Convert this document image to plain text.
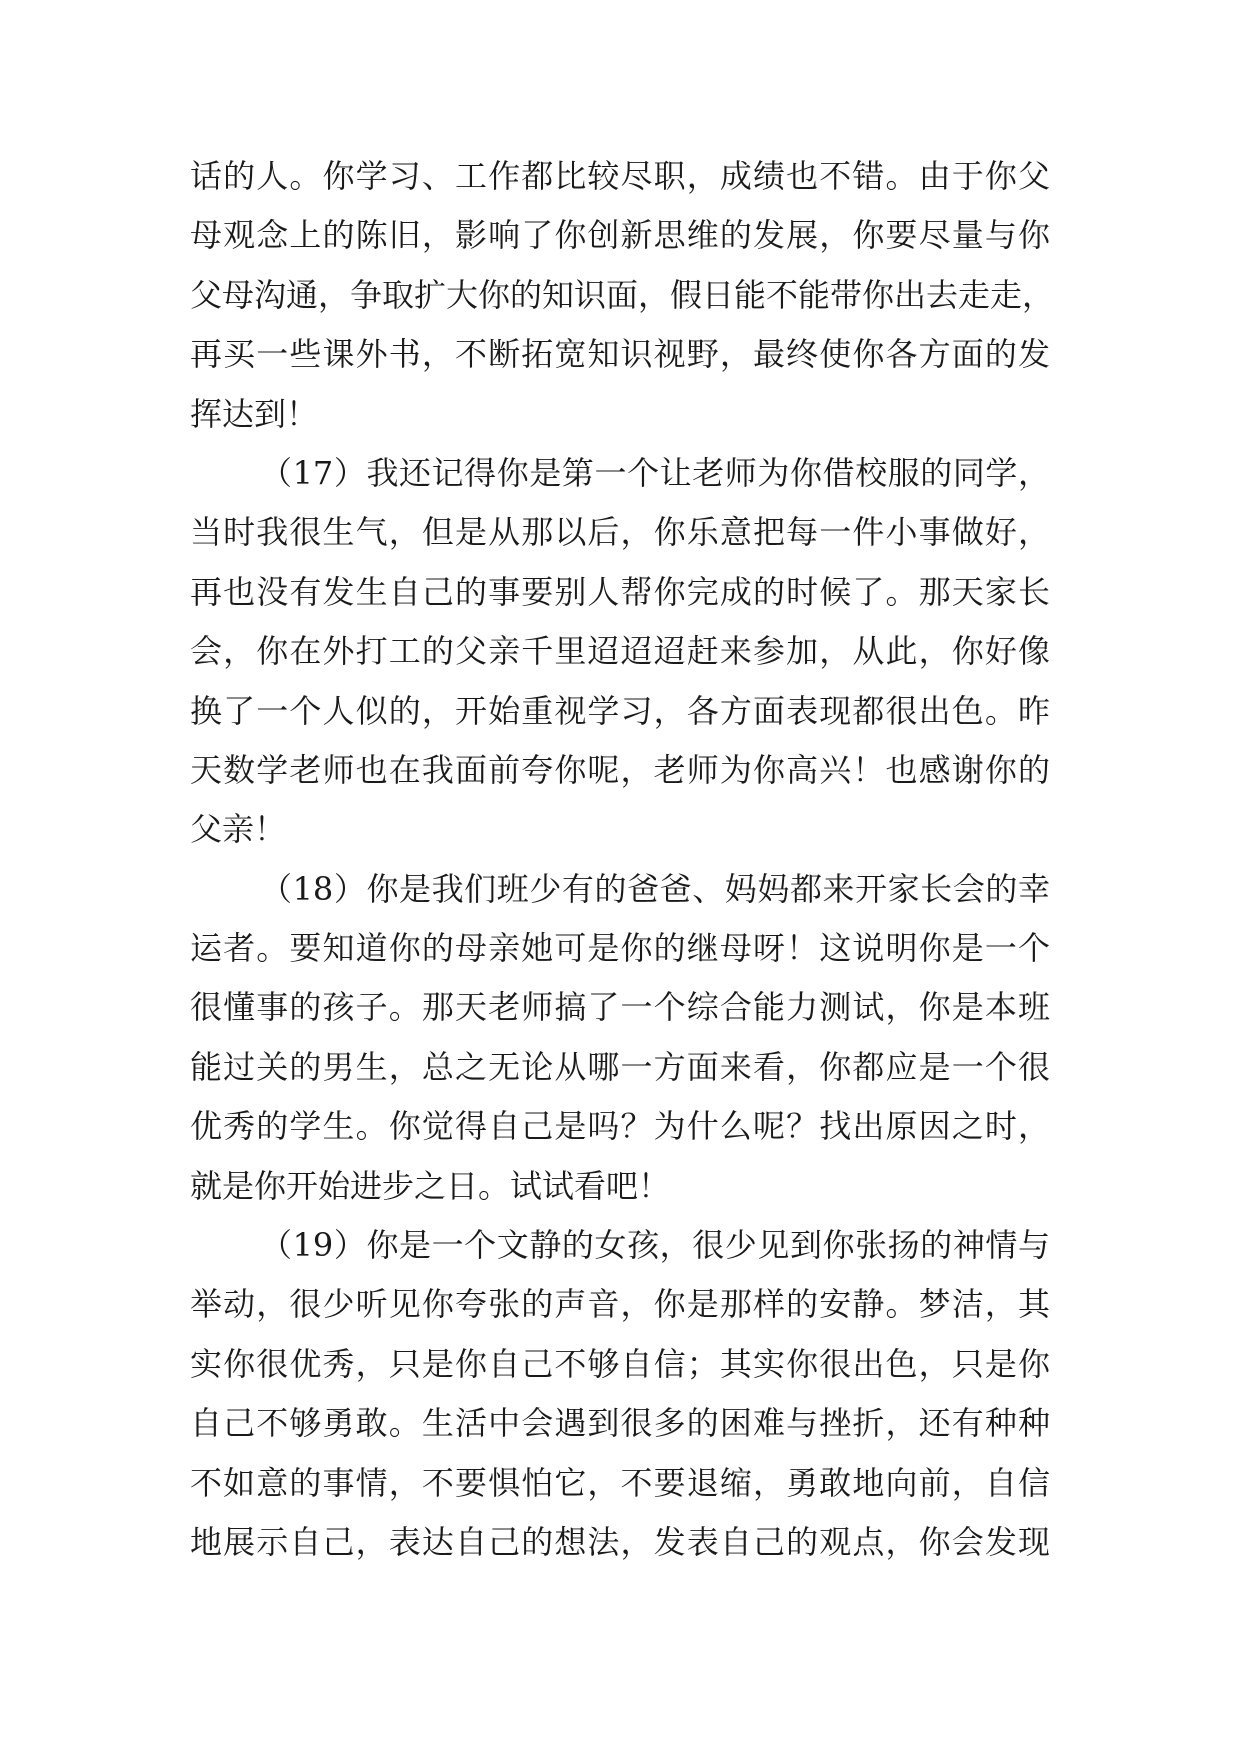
话的人。你学习、工作都比较尽职，成绩也不错。由于你父
母观念上的陈旧，影响了你创新思维的发展，你要尽量与你
父母沟通，争取扩大你的知识面，假日能不能带你出去走走，
再买一些课外书，不断拓宽知识视野，最终使你各方面的发
挥达到！
（17）我还记得你是第一个让老师为你借校服的同学，
当时我很生气，但是从那以后，你乐意把每一件小事做好，
再也没有发生自己的事要别人帮你完成的时候了。那天家长
会，你在外打工的父亲千里迢迢迢赶来参加，从此，你好像
换了一个人似的，开始重视学习，各方面表现都很出色。昨
天数学老师也在我面前夸你呢，老师为你高兴！也感谢你的
父亲！
（18）你是我们班少有的爸爸、妈妈都来开家长会的幸
运者。要知道你的母亲她可是你的继母呀！这说明你是一个
很懂事的孩子。那天老师搞了一个综合能力测试，你是本班
能过关的男生，总之无论从哪一方面来看，你都应是一个很
优秀的学生。你觉得自己是吗？为什么呢？找出原因之时，
就是你开始进步之日。试试看吧！
（19）你是一个文静的女孩，很少见到你张扬的神情与
举动，很少听见你夸张的声音，你是那样的安静。梦洁，其
实你很优秀，只是你自己不够自信；其实你很出色，只是你
自己不够勇敢。生活中会遇到很多的困难与挫折，还有种种
不如意的事情，不要惧怕它，不要退缩，勇敢地向前，自信
地展示自己，表达自己的想法，发表自己的观点，你会发现
